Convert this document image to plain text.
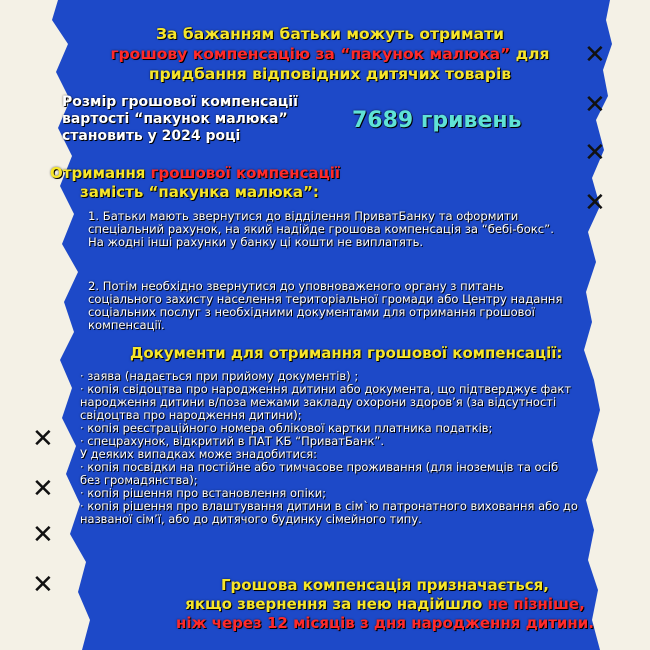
За бажанням батьки можуть отримати
грошову компенсацію за “пакунок малюка” для
придбання відповідних дитячих товарів
Розмір грошової компенсації
вартості “пакунок малюка”
становить у 2024 році
7689 гривень
Отримання грошової компенсації
замість “пакунка малюка”:

1. Батьки мають звернутися до відділення ПриватБанку та оформити спеціальний рахунок, на який надійде грошова компенсація за “бебі-бокс”. На жодні інші рахунки у банку ці кошти не виплатять.

2. Потім необхідно звернутися до уповноваженого органу з питань соціального захисту населення територіальної громади або Центру надання соціальних послуг з необхідними документами для отримання грошової компенсації.

Документи для отримання грошової компенсації:
· заява (надається при прийому документів) ;
· копія свідоцтва про народження дитини або документа, що підтверджує факт народження дитини в/поза межами закладу охорони здоров’я (за відсутності свідоцтва про народження дитини);
· копія реєстраційного номера облікової картки платника податків;
· спецрахунок, відкритий в ПАТ КБ “ПриватБанк”.
У деяких випадках може знадобитися:
· копія посвідки на постійне або тимчасове проживання (для іноземців та осіб без громадянства);
· копія рішення про встановлення опіки;
· копія рішення про влаштування дитини в сім`ю патронатного виховання або до названої сім’ї, або до дитячого будинку сімейного типу.
Грошова компенсація призначається,
якщо звернення за нею надійшло не пізніше,
ніж через 12 місяців з дня народження дитини.
✕
✕
✕
✕
✕
✕
✕
✕
